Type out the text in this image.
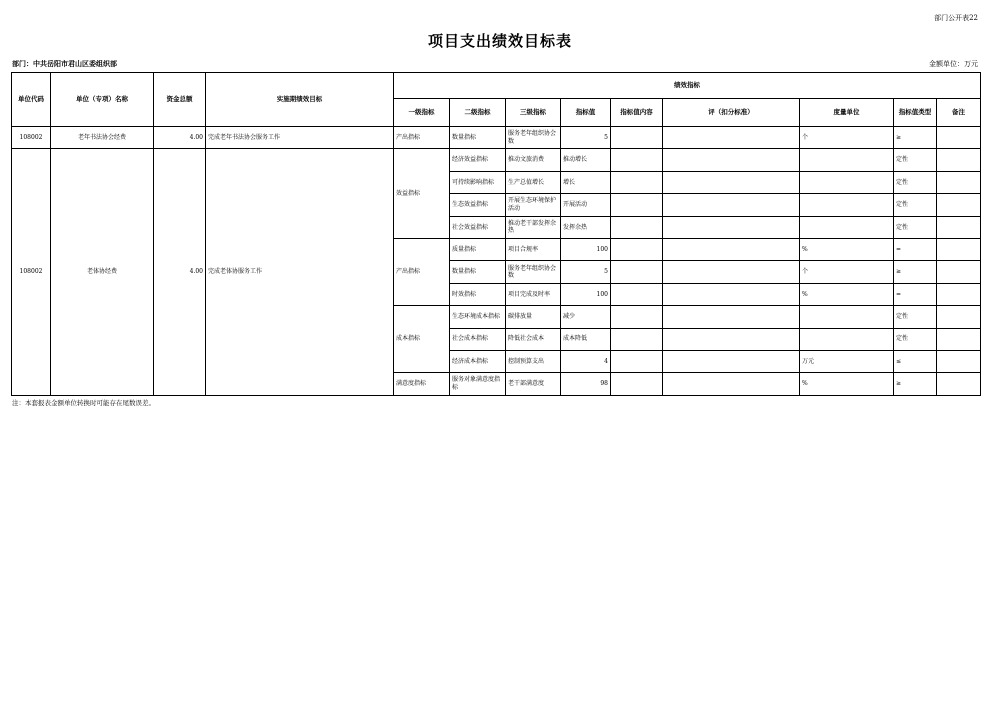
部门公开表22
项目支出绩效目标表
部门：中共岳阳市君山区委组织部	金额单位：万元
单位代码	单位（专项）名称	资金总额	实施期绩效目标	绩效指标								
				一级指标	二级指标	三级指标	指标值	指标值内容	评（扣分标准）	度量单位	指标值类型	备注
108002	老年书法协会经费	4.00	完成老年书法协会服务工作	产出指标	数量指标	服务老年组织协会数	5			个	≥	
108002	老体协经费	4.00	完成老体协服务工作	效益指标	经济效益指标	推动文旅消费	推动增长				定性	
					可持续影响指标	生产总值增长	增长				定性	
					生态效益指标	开展生态环境保护活动	开展活动				定性	
					社会效益指标	推动老干部发挥余热	发挥余热				定性	
				产出指标	质量指标	项目合规率	100			%	=	
					数量指标	服务老年组织协会数	5			个	≥	
					时效指标	项目完成及时率	100			%	=	
				成本指标	生态环境成本指标	碳排放量	减少				定性	
					社会成本指标	降低社会成本	成本降低				定性	
					经济成本指标	控制预算支出	4			万元	≤	
				满意度指标	服务对象满意度指标	老干部满意度	98			%	≥	
注：本套报表金额单位转换时可能存在尾数误差。
